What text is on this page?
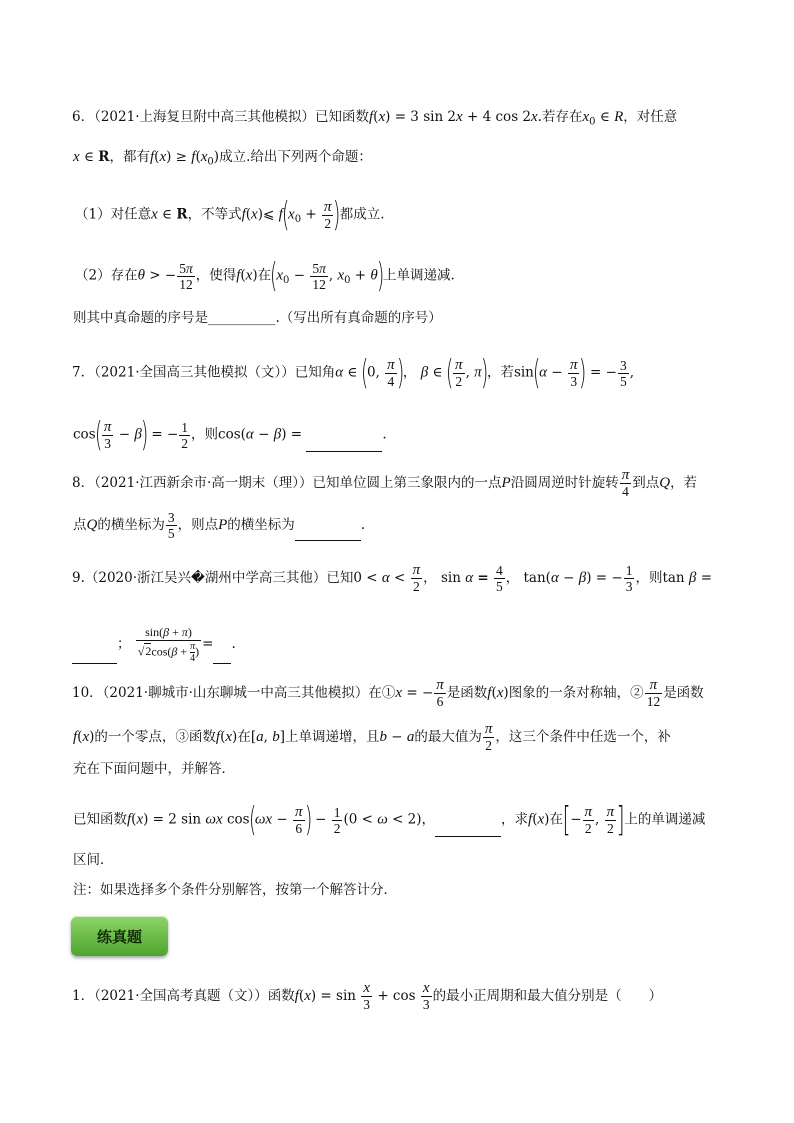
6．（2021·上海复旦附中高三其他模拟）已知函数f(x) = 3 sin 2x + 4 cos 2x.若存在$x_0$ ∈ R，对任意
x ∈ R，都有$f(x) \ge f(x_0)$成立.给出下列两个命题：
（1）对任意x ∈ R，不等式f(x)⩽ $f(x_0 + \frac{\pi}{2}$ )都成立.
（2）存在θ > − $\frac{5\pi}{12}$ ，使得f(x)在($x_0 - \frac{5\pi}{12}$ , $x_0 + \theta$)上单调递减.
则其中真命题的序号是__________.（写出所有真命题的序号）
7．（2021·全国高三其他模拟（文））已知角α ∈ (0, $\frac{\pi}{4}$ )， β ∈ ( $\frac{\pi}{2}$ , π)，若$\sin(\alpha - \frac{\pi}{3}$ ) = − $\frac{3}{5}$ ,
$\cos( \frac{\pi}{3} - \beta)$ = − $\frac{1}{2}$ ，则cos(α − β) =	.
8．（2021·江西新余市·高一期末（理））已知单位圆上第三象限内的一点P沿圆周逆时针旋转 $\frac{\pi}{4}$ 到点Q，若
点Q的横坐标为 $\frac{3}{5}$ ，则点P的横坐标为	.
9.（2020·浙江吴兴�湖州中学高三其他）已知$0 < \alpha < \frac{\pi}{2}$ ， $\sin \alpha = \frac{4}{5}$ ， tan(α − β) = − $\frac{1}{3}$ ，则tan β =
； $\frac{\sin(\beta + \pi)}{√2\cos(\beta + \frac{\pi}{4} )}$ = .
10．（2021·聊城市·山东聊城一中高三其他模拟）在①x = − $\frac{\pi}{6}$ 是函数f(x)图象的一条对称轴，② $\frac{\pi}{12}$ 是函数
f(x)的一个零点，③函数f(x)在[a, b]上单调递增，且b − a的最大值为 $\frac{\pi}{2}$ ，这三个条件中任选一个，补
充在下面问题中，并解答．
已知函数f(x) = 2 sin ωx $\cos(\omega x - \frac{\pi}{6}$ ) − $\frac{1}{2} (0 < \omega < 2)$，	，求f(x)在[− $\frac{\pi}{2}$ , $\frac{\pi}{2}$ ]上的单调递减
区间．
注：如果选择多个条件分别解答，按第一个解答计分．
练真题
1．（2021·全国高考真题（文））函数$f(x) = \sin \frac{x}{3} + \cos \frac{x}{3}$ 的最小正周期和最大值分别是（　　）
